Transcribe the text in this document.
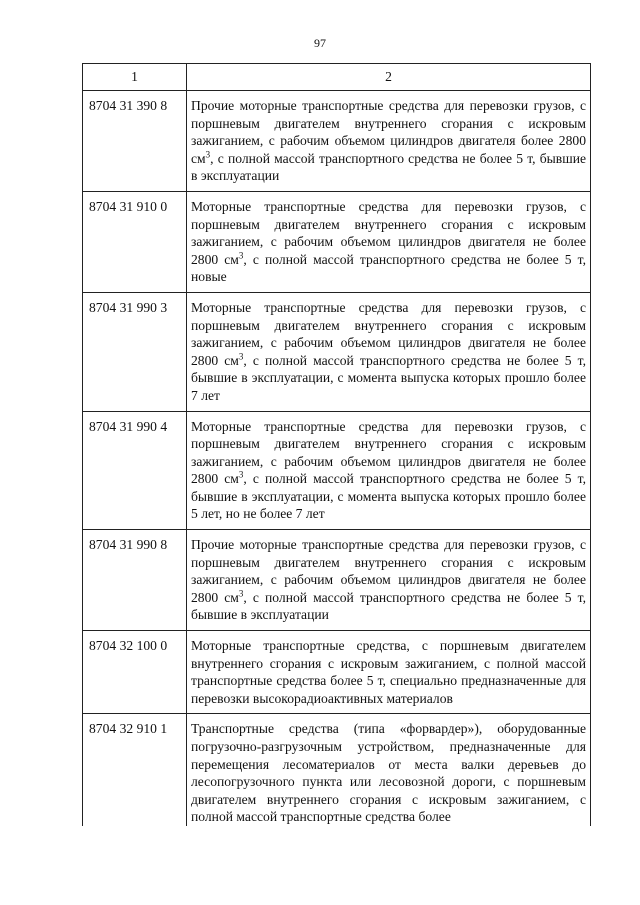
97
1	2
8704 31 390 8	Прочие моторные транспортные средства для перевозки грузов, с поршневым двигателем внутреннего сгорания с искровым зажиганием, с рабочим объемом цилиндров двигателя более 2800 $см^3$, с полной массой транспортного средства не более 5 т, бывшие в эксплуатации
8704 31 910 0	Моторные транспортные средства для перевозки грузов, с поршневым двигателем внутреннего сгорания с искровым зажиганием, с рабочим объемом цилиндров двигателя не более 2800 $см^3$, с полной массой транспортного средства не более 5 т, новые
8704 31 990 3	Моторные транспортные средства для перевозки грузов, с поршневым двигателем внутреннего сгорания с искровым зажиганием, с рабочим объемом цилиндров двигателя не более 2800 $см^3$, с полной массой транспортного средства не более 5 т, бывшие в эксплуатации, с момента выпуска которых прошло более 7 лет
8704 31 990 4	Моторные транспортные средства для перевозки грузов, с поршневым двигателем внутреннего сгорания с искровым зажиганием, с рабочим объемом цилиндров двигателя не более 2800 $см^3$, с полной массой транспортного средства не более 5 т, бывшие в эксплуатации, с момента выпуска которых прошло более 5 лет, но не более 7 лет
8704 31 990 8	Прочие моторные транспортные средства для перевозки грузов, с поршневым двигателем внутреннего сгорания с искровым зажиганием, с рабочим объемом цилиндров двигателя не более 2800 $см^3$, с полной массой транспортного средства не более 5 т, бывшие в эксплуатации
8704 32 100 0	Моторные транспортные средства, с поршневым двигателем внутреннего сгорания с искровым зажиганием, с полной массой транспортные средства более 5 т, специально предназначенные для перевозки высокорадиоактивных материалов
8704 32 910 1	Транспортные средства (типа «форвардер»), оборудованные погрузочно-разгрузочным устройством, предназначенные для перемещения лесоматериалов от места валки деревьев до лесопогрузочного пункта или лесовозной дороги, с поршневым двигателем внутреннего сгорания с искровым зажиганием, с полной массой транспортные средства более
